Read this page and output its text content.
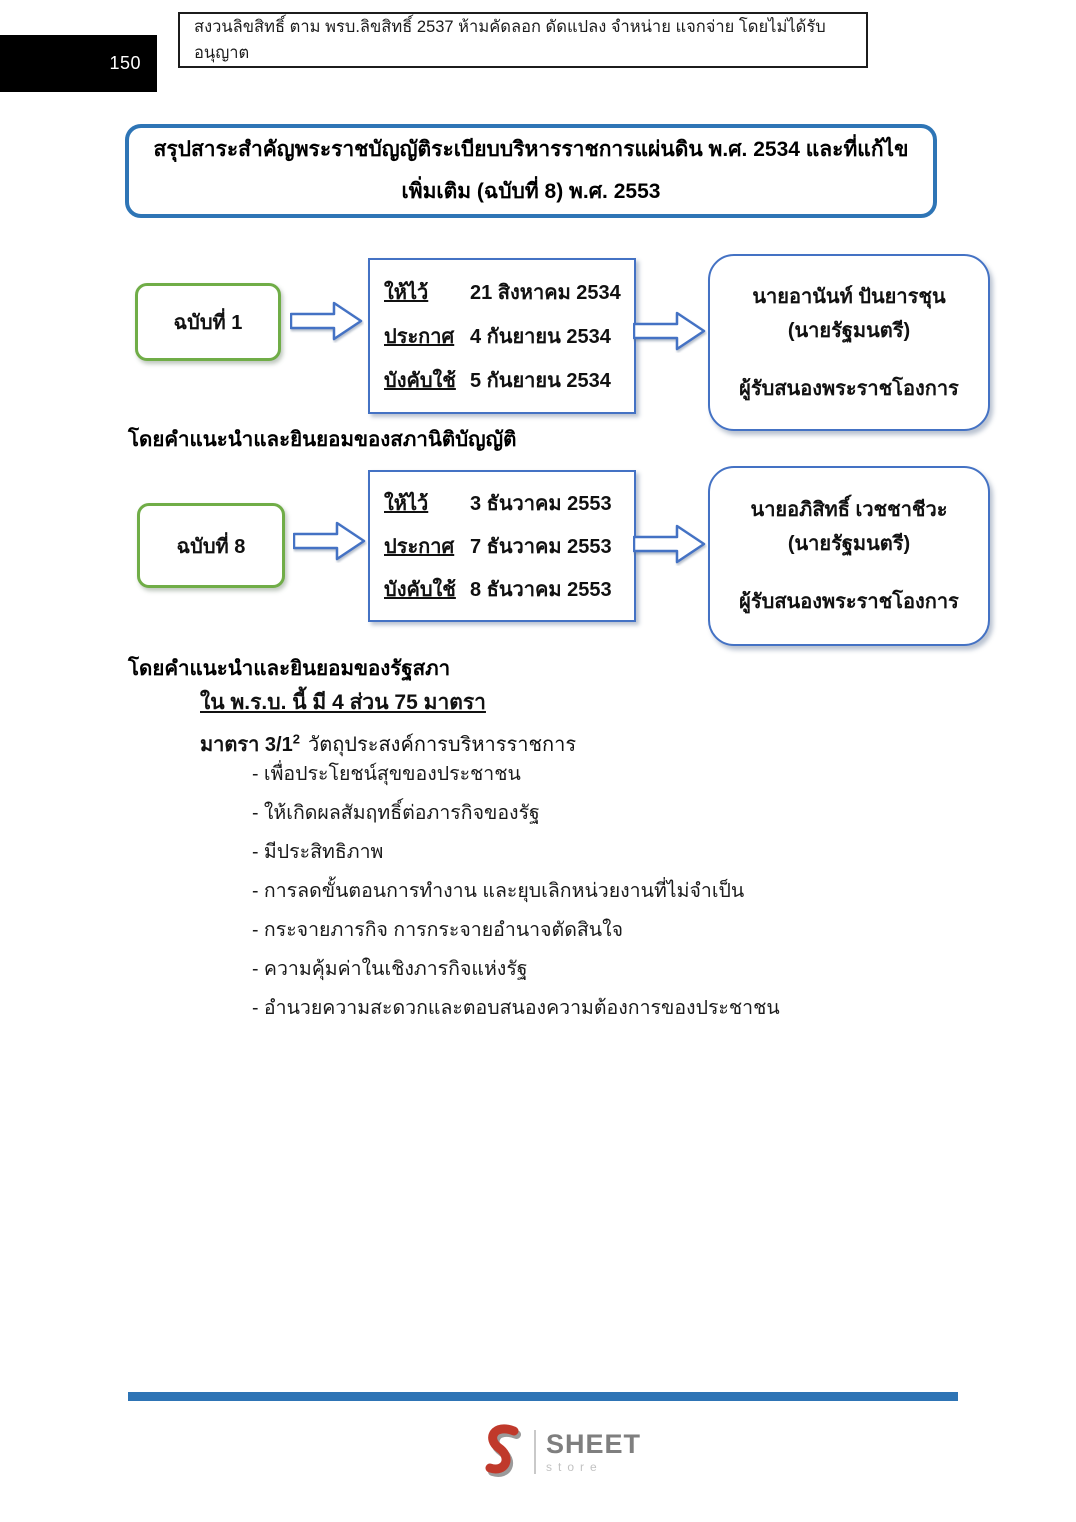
150
สงวนลิขสิทธิ์ ตาม พรบ.ลิขสิทธิ์ 2537 ห้ามคัดลอก ดัดแปลง จำหน่าย แจกจ่าย โดยไม่ได้รับอนุญาต
สรุปสาระสำคัญพระราชบัญญัติระเบียบบริหารราชการแผ่นดิน พ.ศ. 2534 และที่แก้ไขเพิ่มเติม (ฉบับที่ 8) พ.ศ. 2553
ฉบับที่ 1
ให้ไว้	21 สิงหาคม 2534
ประกาศ 4 กันยายน 2534
บังคับใช้ 5 กันยายน 2534
นายอานันท์ ปันยารชุน
(นายรัฐมนตรี)
ผู้รับสนองพระราชโองการ
โดยคำแนะนำและยินยอมของสภานิติบัญญัติ
ฉบับที่ 8
ให้ไว้	3 ธันวาคม 2553
ประกาศ 7 ธันวาคม 2553
บังคับใช้ 8 ธันวาคม 2553
นายอภิสิทธิ์ เวชชาชีวะ
(นายรัฐมนตรี)
ผู้รับสนองพระราชโองการ
โดยคำแนะนำและยินยอมของรัฐสภา
ใน พ.ร.บ. นี้ มี 4 ส่วน 75 มาตรา
มาตรา $3/1^2$ วัตถุประสงค์การบริหารราชการ
- เพื่อประโยชน์สุขของประชาชน
- ให้เกิดผลสัมฤทธิ์ต่อภารกิจของรัฐ
- มีประสิทธิภาพ
- การลดขั้นตอนการทำงาน และยุบเลิกหน่วยงานที่ไม่จำเป็น
- กระจายภารกิจ การกระจายอำนาจตัดสินใจ
- ความคุ้มค่าในเชิงภารกิจแห่งรัฐ
- อำนวยความสะดวกและตอบสนองความต้องการของประชาชน
SHEET
store
